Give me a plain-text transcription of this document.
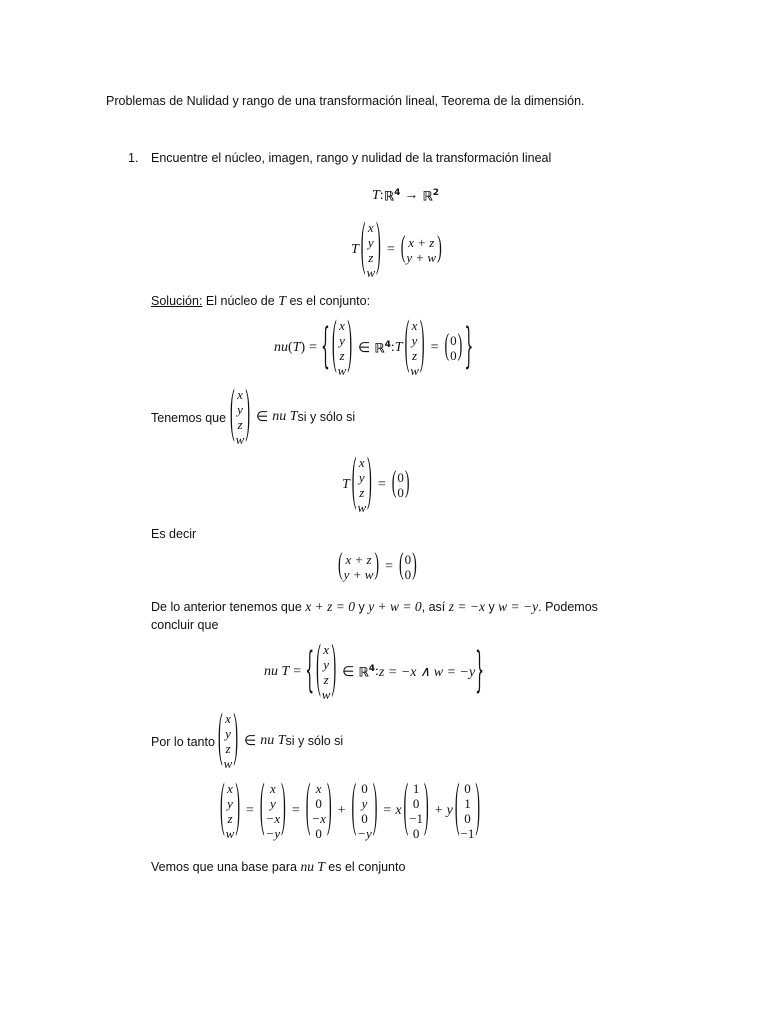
Problemas de Nulidad y rango de una transformación lineal, Teorema de la dimensión.
1. Encuentre el núcleo, imagen, rango y nulidad de la transformación lineal
T : ℝ$^4$ → ℝ$^2$
T ( x
y
z
w ) = ( x + z
y + w )
Solución: El núcleo de T es el conjunto:
nu ( T ) = { ( x
y
z
w ) ∈ ℝ$^4$ : T ( x
y
z
w ) = ( 0
0 ) }
Tenemos que ( x
y
z
w ) ∈ nu T si y sólo si
T ( x
y
z
w ) = ( 0
0 )
Es decir
( x + z
y + w ) = ( 0
0 )
De lo anterior tenemos que x + z = 0 y y + w = 0, así z = −x y w = −y. Podemos
concluir que
nu T = { ( x
y
z
w ) ∈ ℝ$^4$ : z = −x ∧ w = −y }
Por lo tanto ( x
y
z
w ) ∈ nu T si y sólo si
( x
y
z
w ) = ( x
y
−x
−y ) = ( x
0
−x
0 ) + ( 0
y
0
−y ) = x ( 1
0
−1
0 ) + y ( 0
1
0
−1 )
Vemos que una base para nu T es el conjunto
